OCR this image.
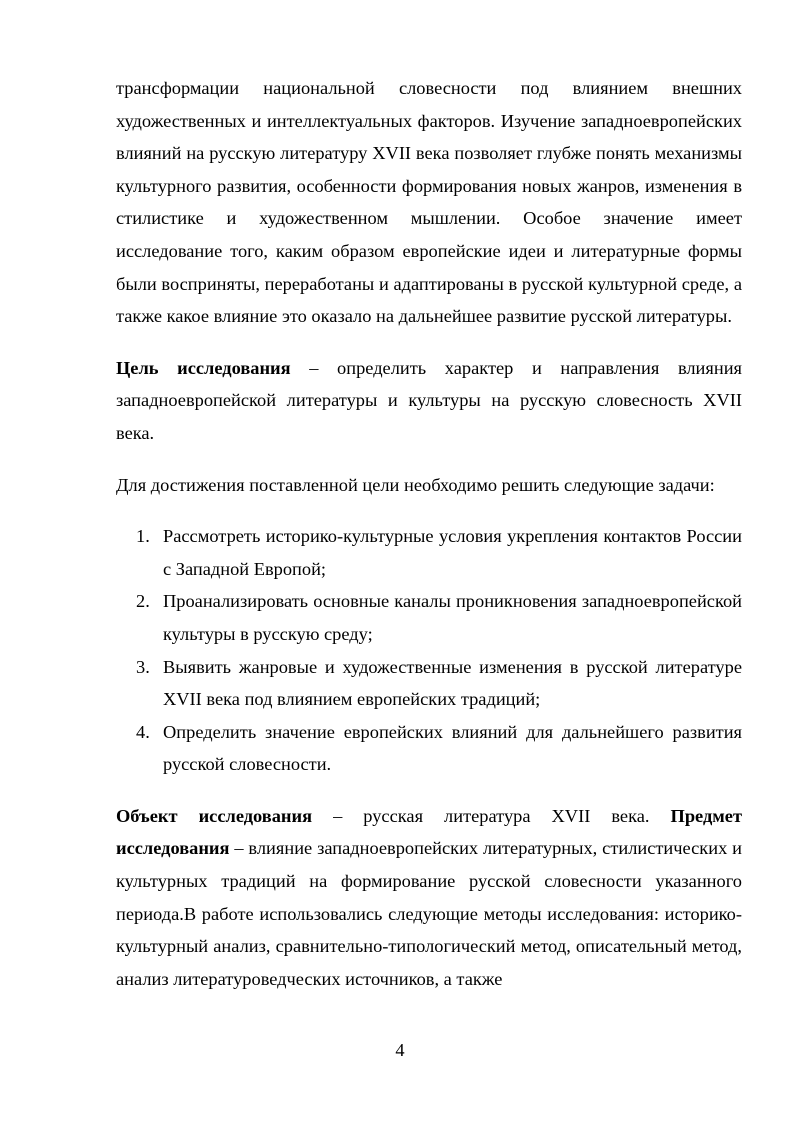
трансформации национальной словесности под влиянием внешних художественных и интеллектуальных факторов. Изучение западноевропейских влияний на русскую литературу XVII века позволяет глубже понять механизмы культурного развития, особенности формирования новых жанров, изменения в стилистике и художественном мышлении. Особое значение имеет исследование того, каким образом европейские идеи и литературные формы были восприняты, переработаны и адаптированы в русской культурной среде, а также какое влияние это оказало на дальнейшее развитие русской литературы.

Цель исследования – определить характер и направления влияния западноевропейской литературы и культуры на русскую словесность XVII века.

Для достижения поставленной цели необходимо решить следующие задачи:

1. Рассмотреть историко-культурные условия укрепления контактов России с Западной Европой;
2. Проанализировать основные каналы проникновения западноевропейской культуры в русскую среду;
3. Выявить жанровые и художественные изменения в русской литературе XVII века под влиянием европейских традиций;
4. Определить значение европейских влияний для дальнейшего развития русской словесности.

Объект исследования – русская литература XVII века. Предмет исследования – влияние западноевропейских литературных, стилистических и культурных традиций на формирование русской словесности указанного периода.В работе использовались следующие методы исследования: историко-культурный анализ, сравнительно-типологический метод, описательный метод, анализ литературоведческих источников, а также

4
